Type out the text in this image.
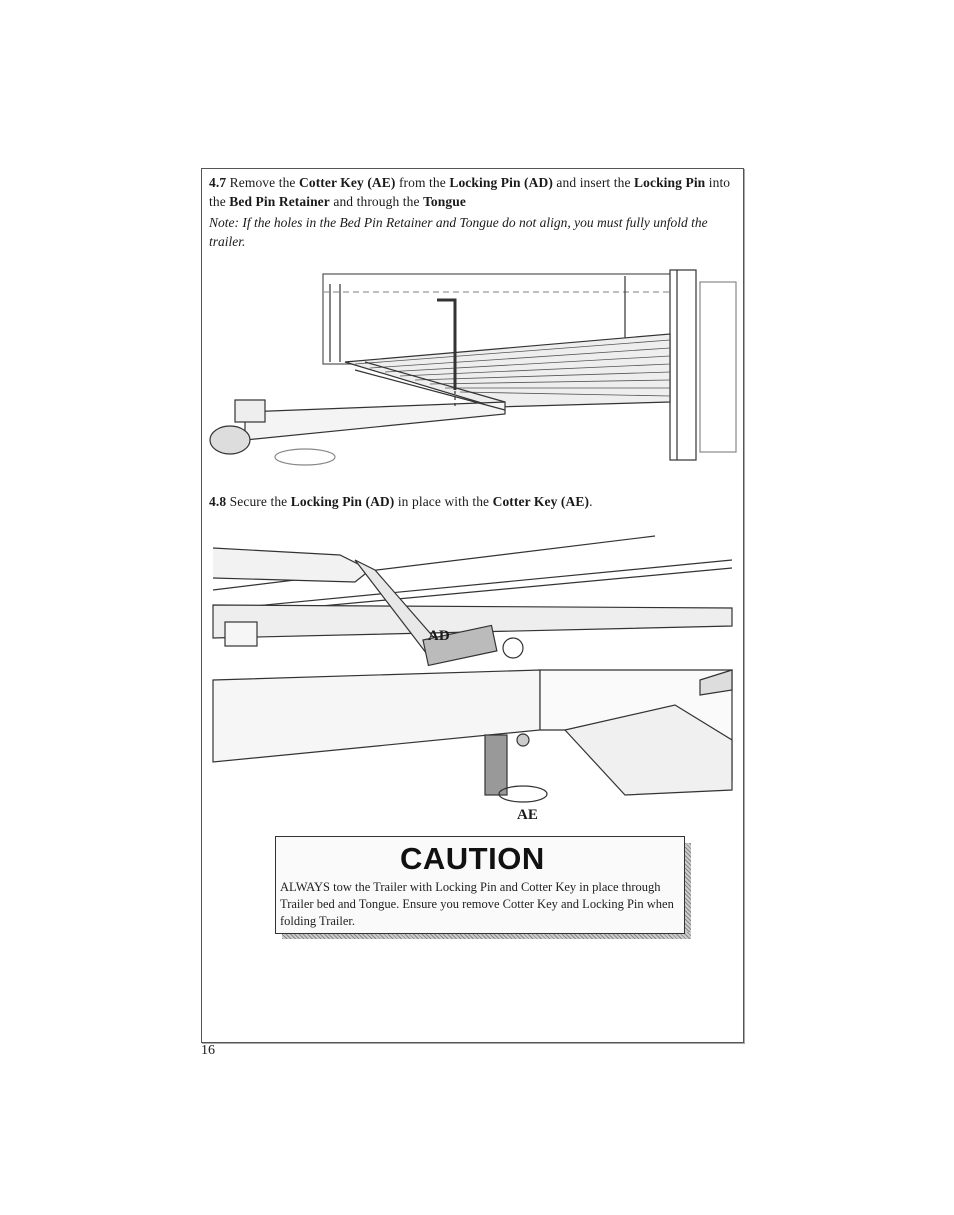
4.7 Remove the Cotter Key (AE) from the Locking Pin (AD) and insert the Locking Pin into the Bed Pin Retainer and through the Tongue
Note: If the holes in the Bed Pin Retainer and Tongue do not align, you must fully unfold the trailer.
4.8 Secure the Locking Pin (AD) in place with the Cotter Key (AE).
AD
AE
CAUTION
ALWAYS tow the Trailer with Locking Pin and Cotter Key in place through Trailer bed and Tongue. Ensure you remove Cotter Key and Locking Pin when folding Trailer.
16
